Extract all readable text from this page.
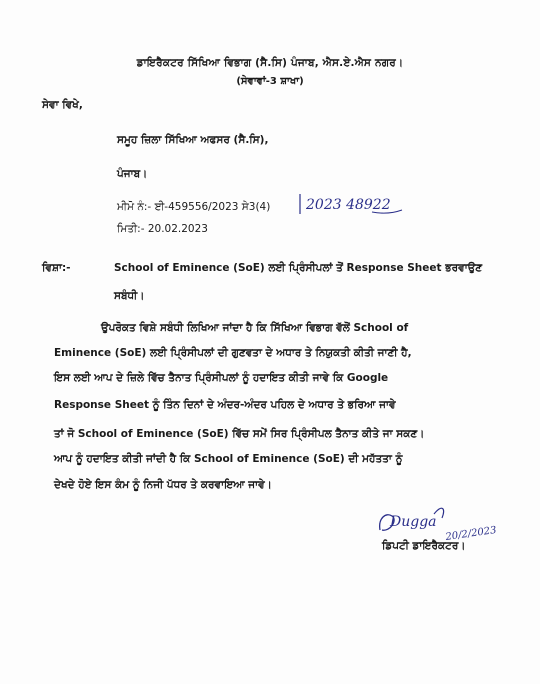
ਡਾਇਰੈਕਟਰ ਸਿੱਖਿਆ ਵਿਭਾਗ (ਸੈ.ਸਿ) ਪੰਜਾਬ, ਐਸ.ਏ.ਐਸ ਨਗਰ।
(ਸੇਵਾਵਾਂ-3 ਸ਼ਾਖਾ)
ਸੇਵਾ ਵਿਖੇ,
ਸਮੂਹ ਜ਼ਿਲਾ ਸਿੱਖਿਆ ਅਫਸਰ (ਸੈ.ਸਿ),
ਪੰਜਾਬ।
ਮੀਮੋ ਨੰ:- ਈ-459556/2023 ਸੇ3(4)	2023 48922
ਮਿਤੀ:- 20.02.2023
ਵਿਸ਼ਾ:-	School of Eminence (SoE) ਲਈ ਪ੍ਰਿੰਸੀਪਲਾਂ ਤੋਂ Response Sheet ਭਰਵਾਉਣ
ਸਬੰਧੀ।
ਉਪਰੋਕਤ ਵਿਸ਼ੇ ਸਬੰਧੀ ਲਿਖਿਆ ਜਾਂਦਾ ਹੈ ਕਿ ਸਿੱਖਿਆ ਵਿਭਾਗ ਵੱਲੋਂ School of
Eminence (SoE) ਲਈ ਪ੍ਰਿੰਸੀਪਲਾਂ ਦੀ ਗੁਣਵਤਾ ਦੇ ਅਧਾਰ ਤੇ ਨਿਯੁਕਤੀ ਕੀਤੀ ਜਾਣੀ ਹੈ,
ਇਸ ਲਈ ਆਪ ਦੇ ਜ਼ਿਲੇ ਵਿੱਚ ਤੈਨਾਤ ਪ੍ਰਿੰਸੀਪਲਾਂ ਨੂੰ ਹਦਾਇਤ ਕੀਤੀ ਜਾਵੇ ਕਿ Google
Response Sheet ਨੂੰ ਤਿੰਨ ਦਿਨਾਂ ਦੇ ਅੰਦਰ-ਅੰਦਰ ਪਹਿਲ ਦੇ ਅਧਾਰ ਤੇ ਭਰਿਆ ਜਾਵੇ
ਤਾਂ ਜੋ School of Eminence (SoE) ਵਿੱਚ ਸਮੇਂ ਸਿਰ ਪ੍ਰਿੰਸੀਪਲ ਤੈਨਾਤ ਕੀਤੇ ਜਾ ਸਕਣ।
ਆਪ ਨੂੰ ਹਦਾਇਤ ਕੀਤੀ ਜਾਂਦੀ ਹੈ ਕਿ School of Eminence (SoE) ਦੀ ਮਹੱਤਤਾ ਨੂੰ
ਦੇਖਦੇ ਹੋਏ ਇਸ ਕੰਮ ਨੂੰ ਨਿਜੀ ਪੱਧਰ ਤੇ ਕਰਵਾਇਆ ਜਾਵੇ।
Dugga
20/2/2023
ਡਿਪਟੀ ਡਾਇਰੈਕਟਰ।
